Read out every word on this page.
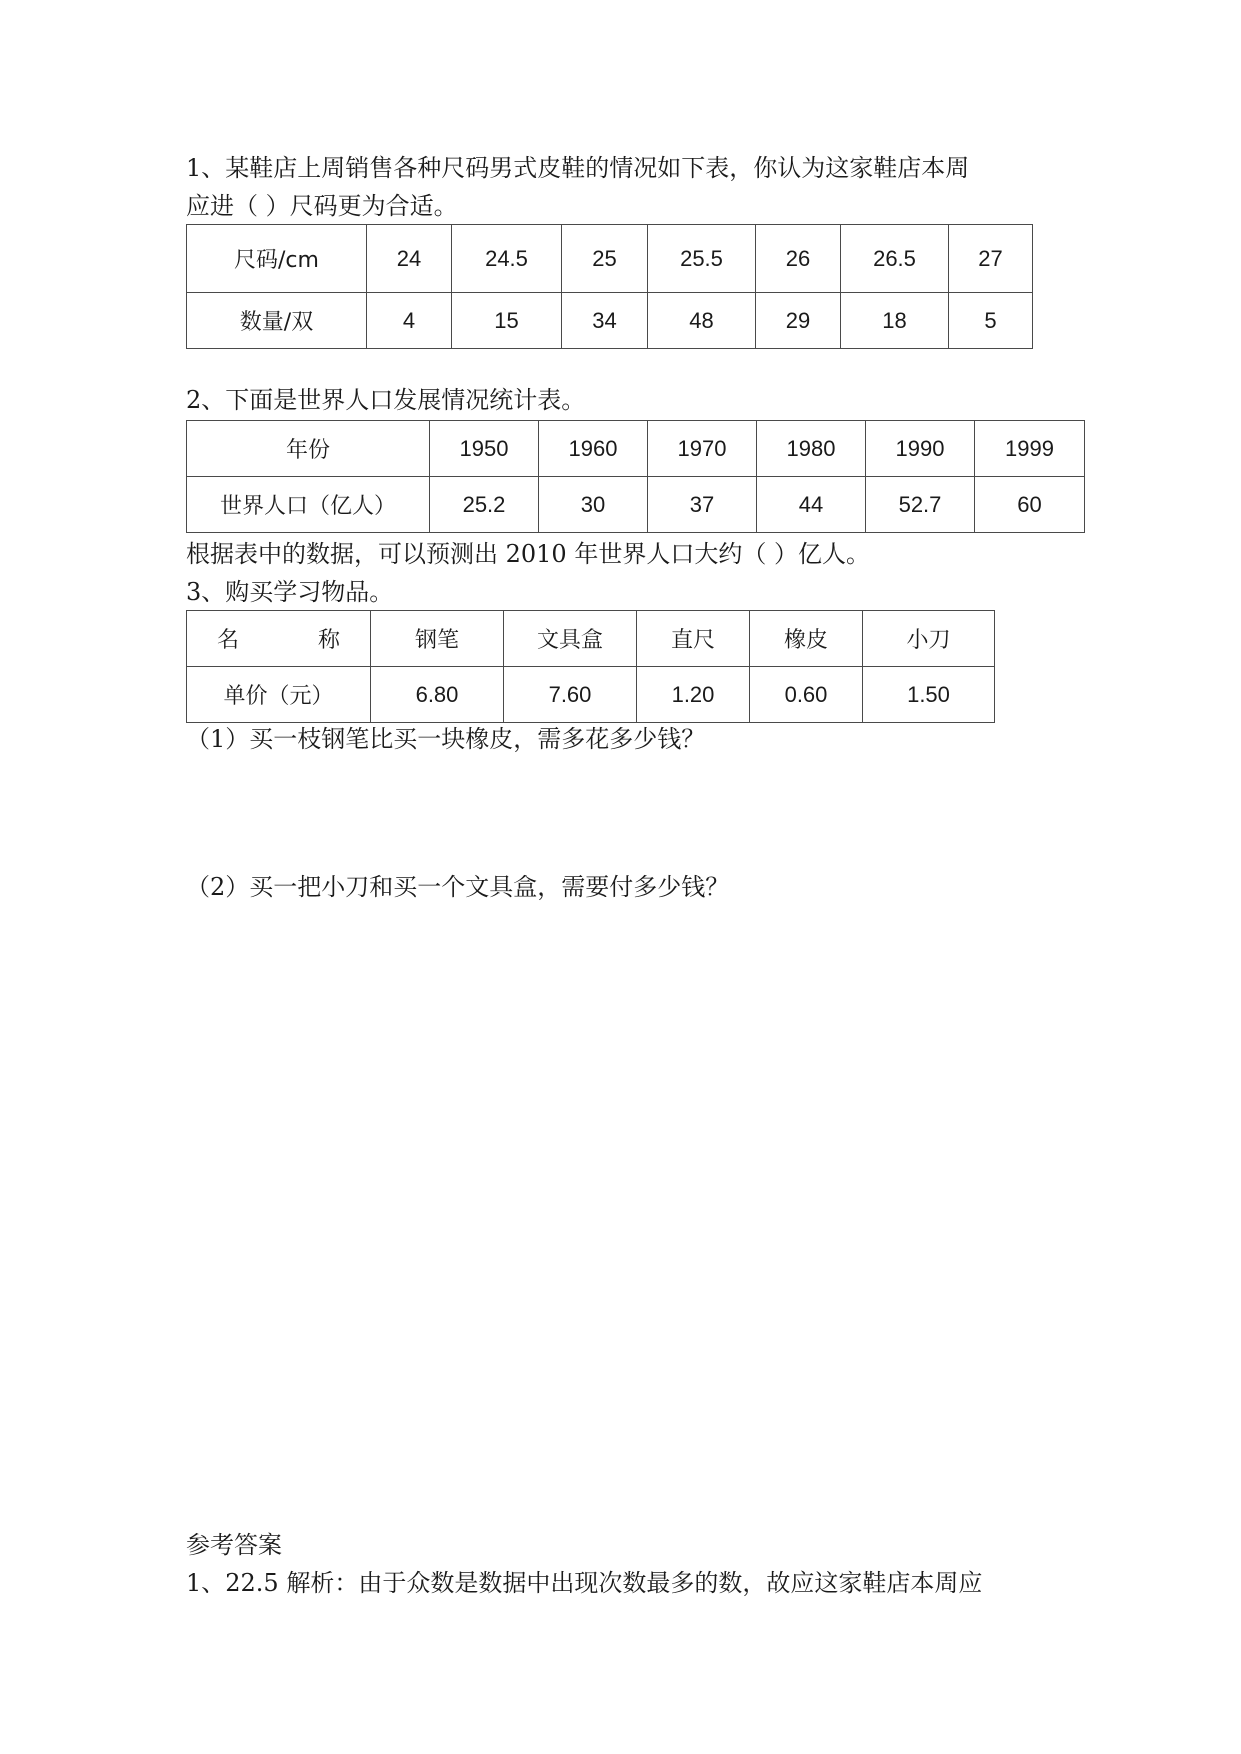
1、某鞋店上周销售各种尺码男式皮鞋的情况如下表，你认为这家鞋店本周

应进（ ）尺码更为合适。

尺码/cm	24	24.5	25	25.5	26	26.5	27
数量/双	4	15	34	48	29	18	5

2、下面是世界人口发展情况统计表。

年份	1950	1960	1970	1980	1990	1999
世界人口（亿人）	25.2	30	37	44	52.7	60

根据表中的数据，可以预测出 2010 年世界人口大约（ ）亿人。

3、购买学习物品。

名称	钢笔	文具盒	直尺	橡皮	小刀
单价（元）	6.80	7.60	1.20	0.60	1.50

（1）买一枝钢笔比买一块橡皮，需多花多少钱？

（2）买一把小刀和买一个文具盒，需要付多少钱？

参考答案

1、22.5 解析：由于众数是数据中出现次数最多的数，故应这家鞋店本周应
